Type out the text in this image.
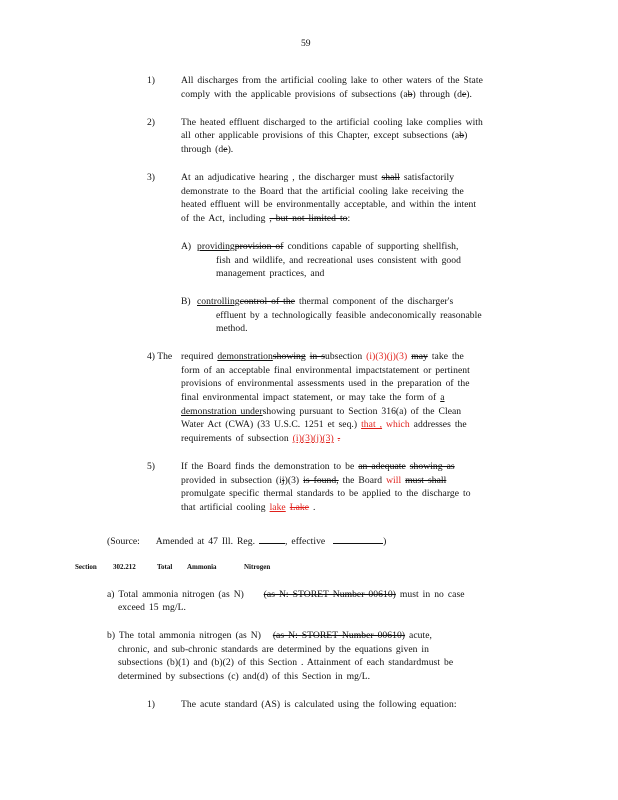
59
1)	All discharges from the artificial cooling lake to other waters of the State
comply with the applicable provisions of subsections (ab) through (de).
2)	The heated effluent discharged to the artificial cooling lake complies with
all other applicable provisions of this Chapter, except subsections (ab)
through (de).
3)	At an adjudicative hearing , the discharger must shall satisfactorily
demonstrate to the Board that the artificial cooling lake receiving the
heated effluent will be environmentally acceptable, and within the intent
of the Act, including , but not limited to:
A) providingprovision of conditions capable of supporting shellfish,
fish and wildlife, and recreational uses consistent with good
management practices, and
B) controllingcontrol of the thermal component of the discharger's
effluent by a technologically feasible andeconomically reasonable
method.
4) The required demonstrationshowing in subsection (i)(3)(j)(3) may take the
form of an acceptable final environmental impactstatement or pertinent
provisions of environmental assessments used in the preparation of the
final environmental impact statement, or may take the form of a
demonstration undershowing pursuant to Section 316(a) of the Clean
Water Act (CWA) (33 U.S.C. 1251 et seq.) that , which addresses the
requirements of subsection (i)(3)(j)(3) .
5)	If the Board finds the demonstration to be an adequate showing as
provided in subsection (ij)(3) is found, the Board will must shall
promulgate specific thermal standards to be applied to the discharge to
that artificial cooling lake Lake .
(Source: Amended at 47 Ill. Reg.	, effective	)
Section 302.212	Total Ammonia	Nitrogen
a) Total ammonia nitrogen (as N)     (as N: STORET Number 00610) must in no case
exceed 15 mg/L.
b) The total ammonia nitrogen (as N)   (as N: STORET Number 00610) acute,
chronic, and sub-chronic standards are determined by the equations given in
subsections (b)(1) and (b)(2) of this Section . Attainment of each standardmust be
determined by subsections (c) and(d) of this Section in mg/L.
1)	The acute standard (AS) is calculated using the following equation:
